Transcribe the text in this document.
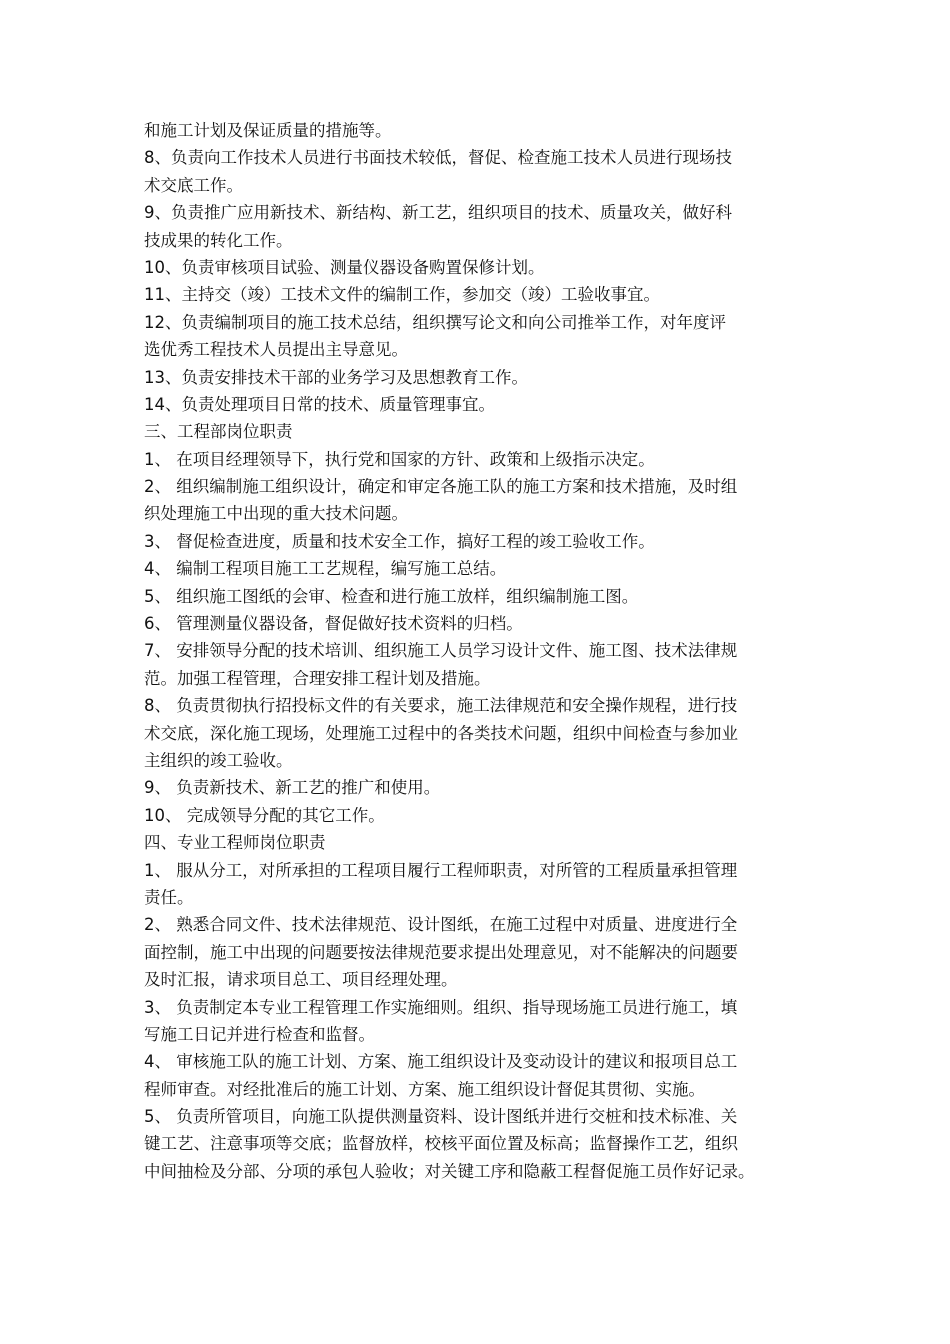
和施工计划及保证质量的措施等。
8、负责向工作技术人员进行书面技术较低，督促、检查施工技术人员进行现场技
术交底工作。
9、负责推广应用新技术、新结构、新工艺，组织项目的技术、质量攻关，做好科
技成果的转化工作。
10、负责审核项目试验、测量仪器设备购置保修计划。
11、主持交（竣）工技术文件的编制工作，参加交（竣）工验收事宜。
12、负责编制项目的施工技术总结，组织撰写论文和向公司推举工作，对年度评
选优秀工程技术人员提出主导意见。
13、负责安排技术干部的业务学习及思想教育工作。
14、负责处理项目日常的技术、质量管理事宜。
三、工程部岗位职责
1、 在项目经理领导下，执行党和国家的方针、政策和上级指示决定。
2、 组织编制施工组织设计，确定和审定各施工队的施工方案和技术措施，及时组
织处理施工中出现的重大技术问题。
3、 督促检查进度，质量和技术安全工作，搞好工程的竣工验收工作。
4、 编制工程项目施工工艺规程，编写施工总结。
5、 组织施工图纸的会审、检查和进行施工放样，组织编制施工图。
6、 管理测量仪器设备，督促做好技术资料的归档。
7、 安排领导分配的技术培训、组织施工人员学习设计文件、施工图、技术法律规
范。加强工程管理，合理安排工程计划及措施。
8、 负责贯彻执行招投标文件的有关要求，施工法律规范和安全操作规程，进行技
术交底，深化施工现场，处理施工过程中的各类技术问题，组织中间检查与参加业
主组织的竣工验收。
9、 负责新技术、新工艺的推广和使用。
10、 完成领导分配的其它工作。
四、专业工程师岗位职责
1、 服从分工，对所承担的工程项目履行工程师职责，对所管的工程质量承担管理
责任。
2、 熟悉合同文件、技术法律规范、设计图纸，在施工过程中对质量、进度进行全
面控制，施工中出现的问题要按法律规范要求提出处理意见，对不能解决的问题要
及时汇报，请求项目总工、项目经理处理。
3、 负责制定本专业工程管理工作实施细则。组织、指导现场施工员进行施工，填
写施工日记并进行检查和监督。
4、 审核施工队的施工计划、方案、施工组织设计及变动设计的建议和报项目总工
程师审查。对经批准后的施工计划、方案、施工组织设计督促其贯彻、实施。
5、 负责所管项目，向施工队提供测量资料、设计图纸并进行交桩和技术标准、关
键工艺、注意事项等交底；监督放样，校核平面位置及标高；监督操作工艺，组织
中间抽检及分部、分项的承包人验收；对关键工序和隐蔽工程督促施工员作好记录。
